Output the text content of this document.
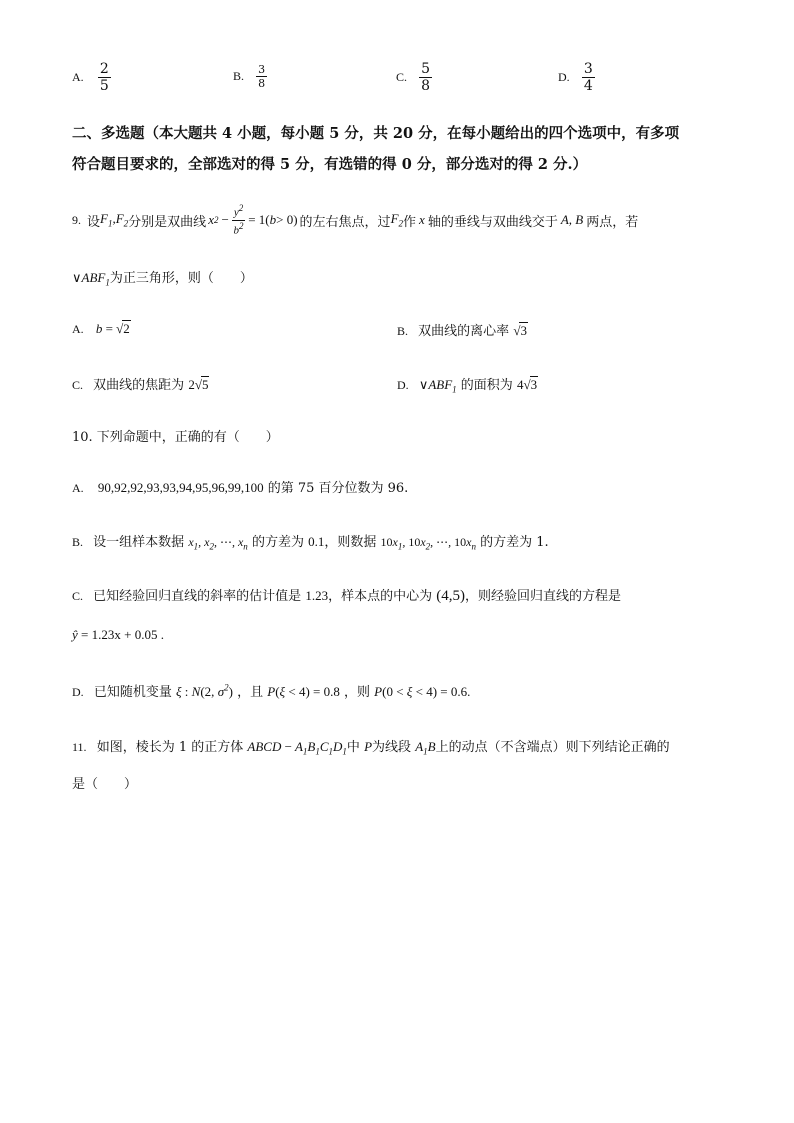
A. $\frac{2}{5}$	B. $\frac{3}{8}$	C. $\frac{5}{8}$	D. $\frac{3}{4}$
二、多选题（本大题共 4 小题，每小题 5 分，共 20 分，在每小题给出的四个选项中，有多项
符合题目要求的，全部选对的得 5 分，有选错的得 0 分，部分选对的得 2 分.）
9. 设 $F_1,F_2$ 分别是双曲线 x $2 - \frac{y^2}{b^2} = 1$( b > 0) 的左右焦点，过 $F_2$ 作 x 轴的垂线与双曲线交于 A, B 两点，若
$\vee ABF_1$为正三角形，则（　　）
A. b = √2	B. 双曲线的离心率 √3
C. 双曲线的焦距为 2√5	D. $\vee ABF_1$ 的面积为 4√3
10. 下列命题中，正确的有（　　）
A. 90,92,92,93,93,94,95,96,99,100 的第 75 百分位数为 96.
B. 设一组样本数据 $x_1$, $x_2$, ⋯, $x_n$ 的方差为 0.1，则数据 $10x_1$, $10x_2$, ⋯, $10x_n$ 的方差为 1.
C. 已知经验回归直线的斜率的估计值是 1.23，样本点的中心为 (4,5)，则经验回归直线的方程是
ŷ = 1.23x + 0.05 .
D. 已知随机变量 ξ : N(2, $\sigma^2$) ，且 P(ξ < 4) = 0.8 ，则 P(0 < ξ < 4) = 0.6.
11. 如图，棱长为 1 的正方体 ABCD − $A_1B_1C_1D_1$中 P为线段 $A_1B$上的动点（不含端点）则下列结论正确的
是（　　）
